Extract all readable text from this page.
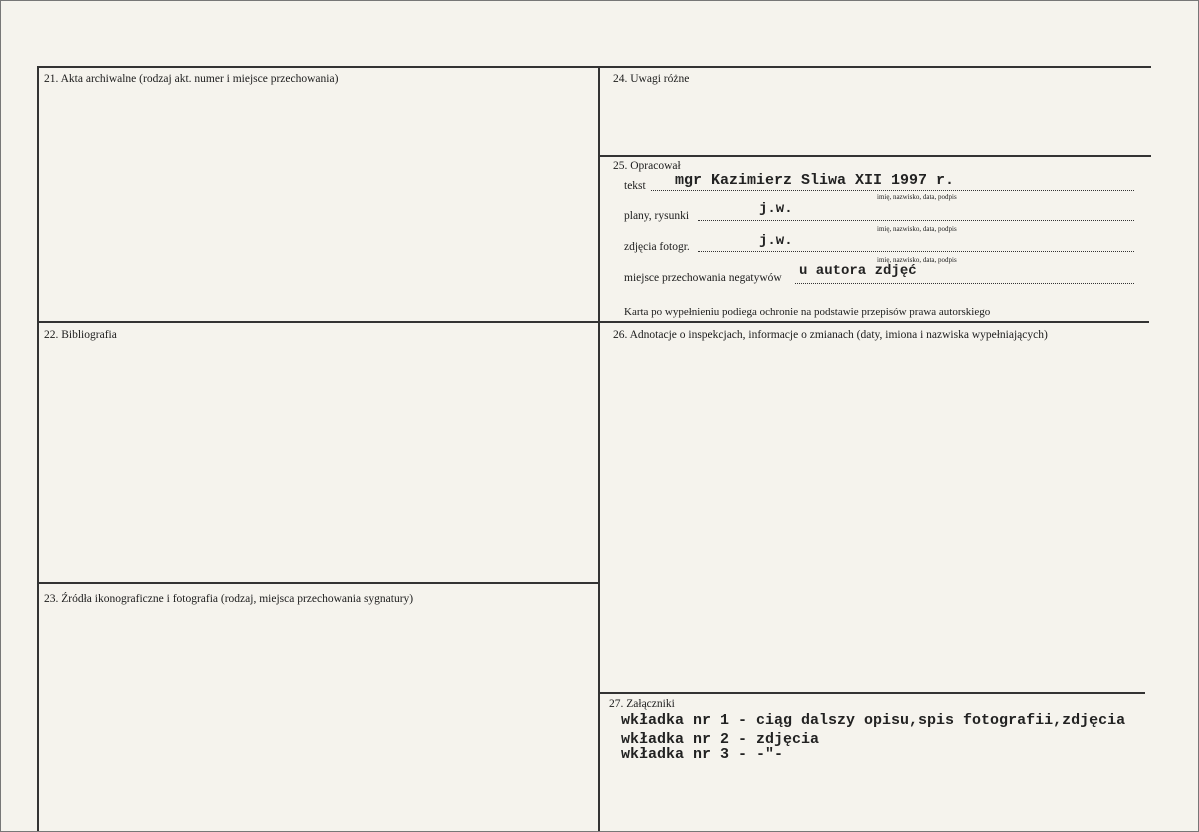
21. Akta archiwalne (rodzaj akt. numer i miejsce przechowania)
22. Bibliografia
23. Źródła ikonograficzne i fotografia (rodzaj, miejsca przechowania sygnatury)
24. Uwagi różne
25. Opracował
tekst mgr Kazimierz Sliwa XII 1997 r.
imię, nazwisko, data, podpis
plany, rysunki	j.w.
imię, nazwisko, data, podpis
zdjęcia fotogr.	j.w.
imię, nazwisko, data, podpis
miejsce przechowania negatywów u autora zdjęć
Karta po wypełnieniu podiega ochronie na podstawie przepisów prawa autorskiego
26. Adnotacje o inspekcjach, informacje o zmianach (daty, imiona i nazwiska wypełniających)
27. Załączniki
wkładka nr 1 - ciąg dalszy opisu,spis fotografii,zdjęcia
wkładka nr 2 - zdjęcia
wkładka nr 3 - -"-
